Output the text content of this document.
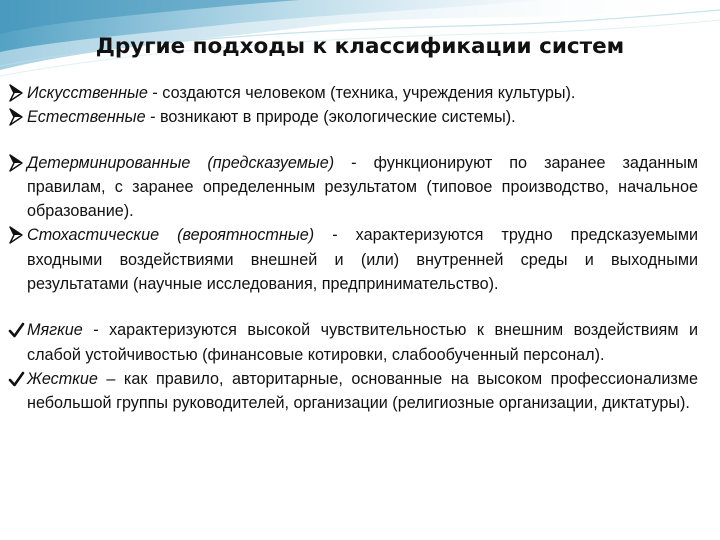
Другие подходы к классификации систем
Искусственные - создаются человеком (техника, учреждения культуры).
Естественные - возникают в природе (экологические системы).
Детерминированные (предсказуемые) - функционируют по заранее заданным правилам, с заранее определенным результатом (типовое производство, начальное образование).
Стохастические (вероятностные) - характеризуются трудно предсказуемыми входными воздействиями внешней и (или) внутренней среды и выходными результатами (научные исследования, предпринимательство).
Мягкие - характеризуются высокой чувствительностью к внешним воздействиям и слабой устойчивостью (финансовые котировки, слабообученный персонал).
Жесткие – как правило, авторитарные, основанные на высоком профессионализме небольшой группы руководителей, организации (религиозные организации, диктатуры).
